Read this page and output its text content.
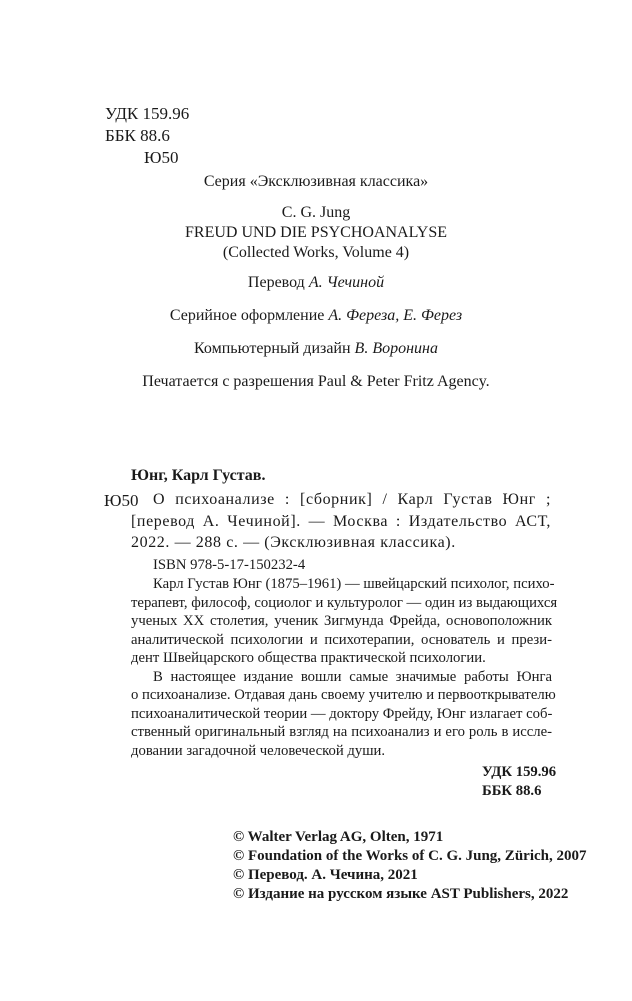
УДК 159.96
ББК 88.6
Ю50
Серия «Эксклюзивная классика»
C. G. Jung
FREUD UND DIE PSYCHOANALYSE
(Collected Works, Volume 4)
Перевод А. Чечиной
Серийное оформление А. Фереза, Е. Ферез
Компьютерный дизайн В. Воронина
Печатается с разрешения Paul & Peter Fritz Agency.
Юнг, Карл Густав.
Ю50 О психоанализе : [сборник] / Карл Густав Юнг ;
[перевод А. Чечиной]. — Москва : Издательство АСТ,
2022. — 288 с. — (Эксклюзивная классика).
ISBN 978-5-17-150232-4
Карл Густав Юнг (1875–1961) — швейцарский психолог, психо-
терапевт, философ, социолог и культуролог — один из выдающихся
ученых XX столетия, ученик Зигмунда Фрейда, основоположник
аналитической психологии и психотерапии, основатель и прези-
дент Швейцарского общества практической психологии.
В настоящее издание вошли самые значимые работы Юнга
о психоанализе. Отдавая дань своему учителю и первооткрывателю
психоаналитической теории — доктору Фрейду, Юнг излагает соб-
ственный оригинальный взгляд на психоанализ и его роль в иссле-
довании загадочной человеческой души.
УДК 159.96
ББК 88.6
© Walter Verlag AG, Olten, 1971
© Foundation of the Works of C. G. Jung, Zürich, 2007
© Перевод. А. Чечина, 2021
© Издание на русском языке AST Publishers, 2022
